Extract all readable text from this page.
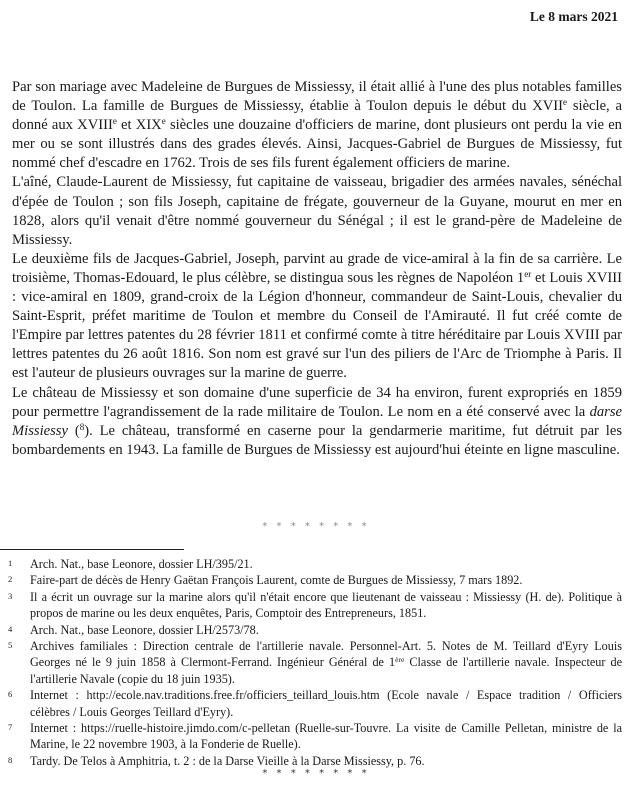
Le 8 mars 2021

Par son mariage avec Madeleine de Burgues de Missiessy, il était allié à l'une des plus notables familles de Toulon. La famille de Burgues de Missiessy, établie à Toulon depuis le début du XVIIe siècle, a donné aux XVIIIe et XIXe siècles une douzaine d'officiers de marine, dont plusieurs ont perdu la vie en mer ou se sont illustrés dans des grades élevés. Ainsi, Jacques-Gabriel de Burgues de Missiessy, fut nommé chef d'escadre en 1762. Trois de ses fils furent également officiers de marine.

L'aîné, Claude-Laurent de Missiessy, fut capitaine de vaisseau, brigadier des armées navales, sénéchal d'épée de Toulon ; son fils Joseph, capitaine de frégate, gouverneur de la Guyane, mourut en mer en 1828, alors qu'il venait d'être nommé gouverneur du Sénégal ; il est le grand-père de Madeleine de Missiessy.

Le deuxième fils de Jacques-Gabriel, Joseph, parvint au grade de vice-amiral à la fin de sa carrière. Le troisième, Thomas-Edouard, le plus célèbre, se distingua sous les règnes de Napoléon 1er et Louis XVIII : vice-amiral en 1809, grand-croix de la Légion d'honneur, commandeur de Saint-Louis, chevalier du Saint-Esprit, préfet maritime de Toulon et membre du Conseil de l'Amirauté. Il fut créé comte de l'Empire par lettres patentes du 28 février 1811 et confirmé comte à titre héréditaire par Louis XVIII par lettres patentes du 26 août 1816. Son nom est gravé sur l'un des piliers de l'Arc de Triomphe à Paris. Il est l'auteur de plusieurs ouvrages sur la marine de guerre.

Le château de Missiessy et son domaine d'une superficie de 34 ha environ, furent expropriés en 1859 pour permettre l'agrandissement de la rade militaire de Toulon. Le nom en a été conservé avec la darse Missiessy ($^8$). Le château, transformé en caserne pour la gendarmerie maritime, fut détruit par les bombardements en 1943. La famille de Burgues de Missiessy est aujourd'hui éteinte en ligne masculine.

* * * * * * * *
1	Arch. Nat., base Leonore, dossier LH/395/21.
2	Faire-part de décès de Henry Gaëtan François Laurent, comte de Burgues de Missiessy, 7 mars 1892.
3	Il a écrit un ouvrage sur la marine alors qu'il n'était encore que lieutenant de vaisseau : Missiessy (H. de). Politique à propos de marine ou les deux enquêtes, Paris, Comptoir des Entrepreneurs, 1851.
4	Arch. Nat., base Leonore, dossier LH/2573/78.
5	Archives familiales : Direction centrale de l'artillerie navale. Personnel-Art. 5. Notes de M. Teillard d'Eyry Louis Georges né le 9 juin 1858 à Clermont-Ferrand. Ingénieur Général de 1ère Classe de l'artillerie navale. Inspecteur de l'artillerie Navale (copie du 18 juin 1935).
6	Internet : http://ecole.nav.traditions.free.fr/officiers_teillard_louis.htm (Ecole navale / Espace tradition / Officiers célèbres / Louis Georges Teillard d'Eyry).
7	Internet : https://ruelle-histoire.jimdo.com/c-pelletan (Ruelle-sur-Touvre. La visite de Camille Pelletan, ministre de la Marine, le 22 novembre 1903, à la Fonderie de Ruelle).
8	Tardy. De Telos à Amphitria, t. 2 : de la Darse Vieille à la Darse Missiessy, p. 76.
* * * * * * * *
